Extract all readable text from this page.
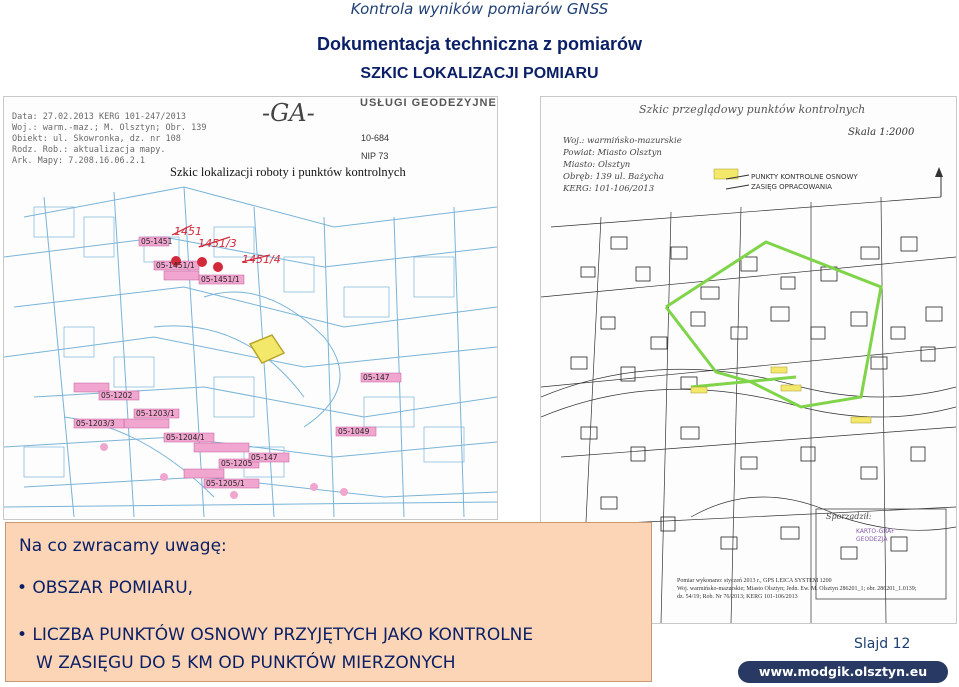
Kontrola wyników pomiarów GNSS
Dokumentacja techniczna z pomiarów
SZKIC LOKALIZACJI POMIARU
1451
1451/3
1451/4
05-1451
05-1451/1
05-1451/1
05-147
05-1049
05-147
05-1205
05-1205/1
05-1204/1
05-1203/1
05-1202
05-1203/3
Data: 27.02.2013 KERG 101-247/2013
Woj.: warm.-maz.; M. Olsztyn; Obr. 139
Obiekt: ul. Skowronka, dz. nr 108
Rodz. Rob.: aktualizacja mapy.
Ark. Mapy: 7.208.16.06.2.1
-GA-	USŁUGI GEODEZYJNE
10-684
NIP 73
Szkic lokalizacji roboty i punktów kontrolnych
Sporządził:
KARTO-GRAF
GEODEZJA
Szkic przeglądowy punktów kontrolnych
Skala 1:2000
Woj.: warmińsko-mazurskie
Powiat: Miasto Olsztyn
Miasto: Olsztyn
Obręb: 139 ul. Bażycha
KERG: 101-106/2013
PUNKTY KONTROLNE OSNOWY
ZASIĘG OPRACOWANIA
Pomiar wykonano: styczeń 2013 r., GPS LEICA SYSTEM 1200
Woj. warmińsko-mazurskie; Miasto Olsztyn; Jedn. Ew. M. Olsztyn 286201_1; obr. 286201_1.0139;
dz. 54/19; Rob. Nr 76/2013; KERG 101-106/2013
Na co zwracamy uwagę:
• OBSZAR POMIARU,
• LICZBA PUNKTÓW OSNOWY PRZYJĘTYCH JAKO KONTROLNE
W ZASIĘGU DO 5 KM OD PUNKTÓW MIERZONYCH
Slajd 12
www.modgik.olsztyn.eu
